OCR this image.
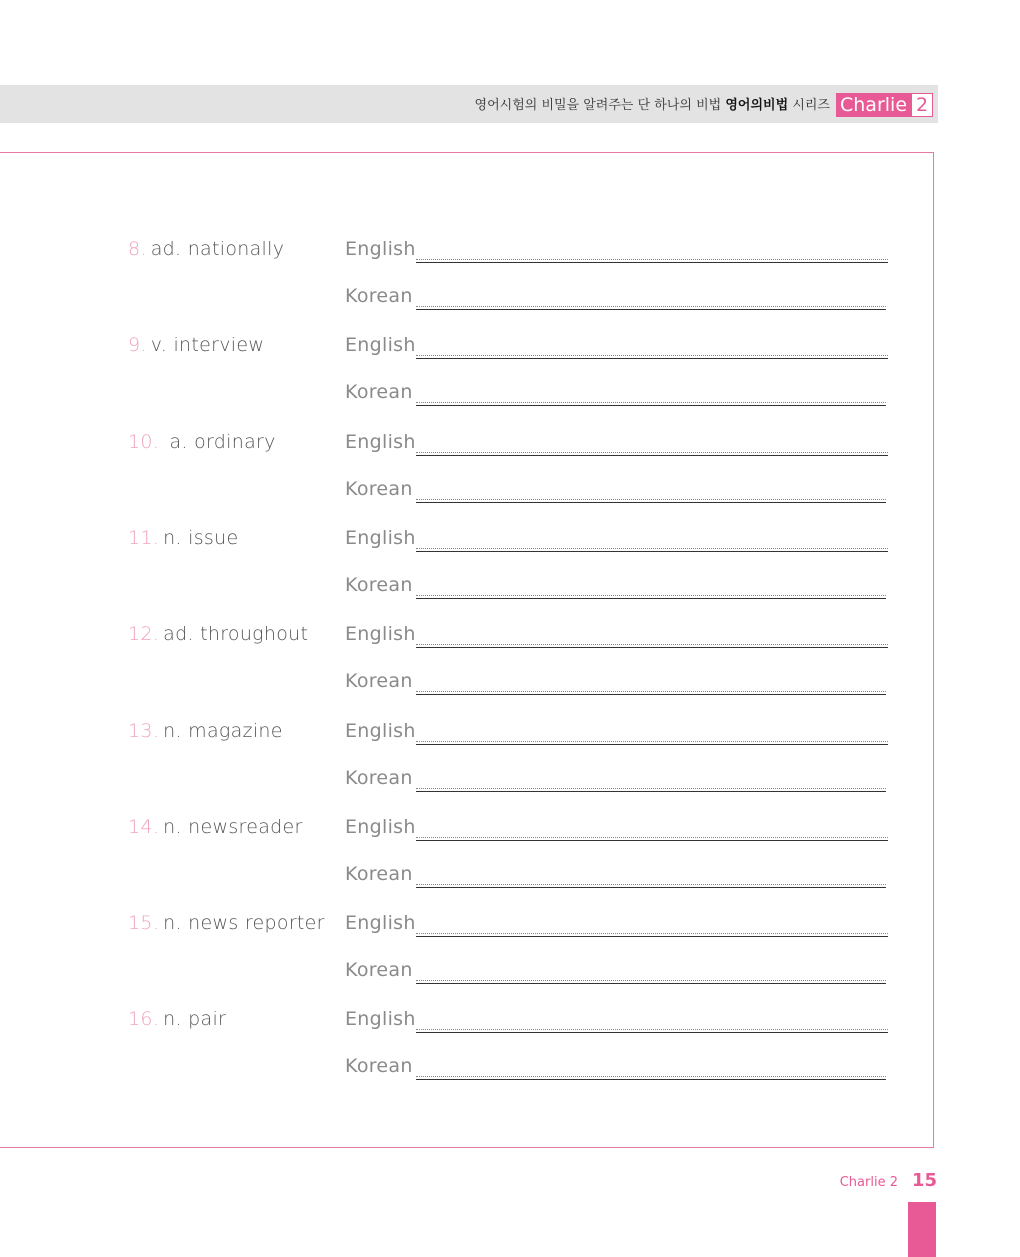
영어시험의 비밀을 알려주는 단 하나의 비법 영어의비법 시리즈 Charlie 2
8. ad. nationally	English
Korean
9. v. interview	English
Korean
10. a. ordinary	English
Korean
11. n. issue	English
Korean
12. ad. throughout English
Korean
13. n. magazine	English
Korean
14. n. newsreader English
Korean
15. n. news reporter English
Korean
16. n. pair	English
Korean
Charlie 2 15
